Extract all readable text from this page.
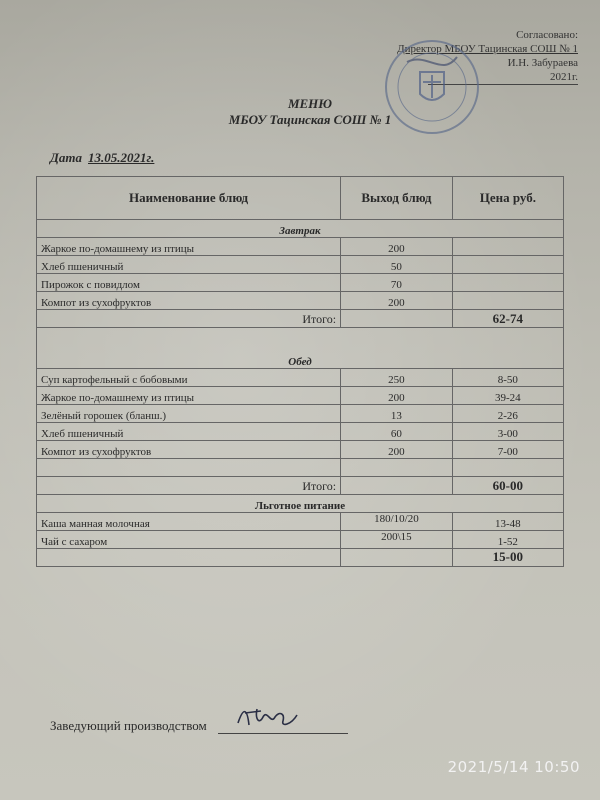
Согласовано:
Директор МБОУ Тацинская СОШ № 1
И.Н. Забураева
2021г.
МЕНЮ
МБОУ Тацинская СОШ № 1
Дата 13.05.2021г.
Наименование блюд	Выход блюд	Цена руб.
Завтрак		
Жаркое по-домашнему из птицы	200	
Хлеб пшеничный	50	
Пирожок с повидлом	70	
Компот из сухофруктов	200	
Итого:		62-74
Обед		
Суп картофельный с бобовыми	250	8-50
Жаркое по-домашнему из птицы	200	39-24
Зелёный горошек (бланш.)	13	2-26
Хлеб пшеничный	60	3-00
Компот из сухофруктов	200	7-00

Итого:		60-00
Льготное питание		
Каша манная молочная	180/10/20	13-48
Чай с сахаром	200\15	1-52
		15-00
Заведующий производством
2021/5/14 10:50
